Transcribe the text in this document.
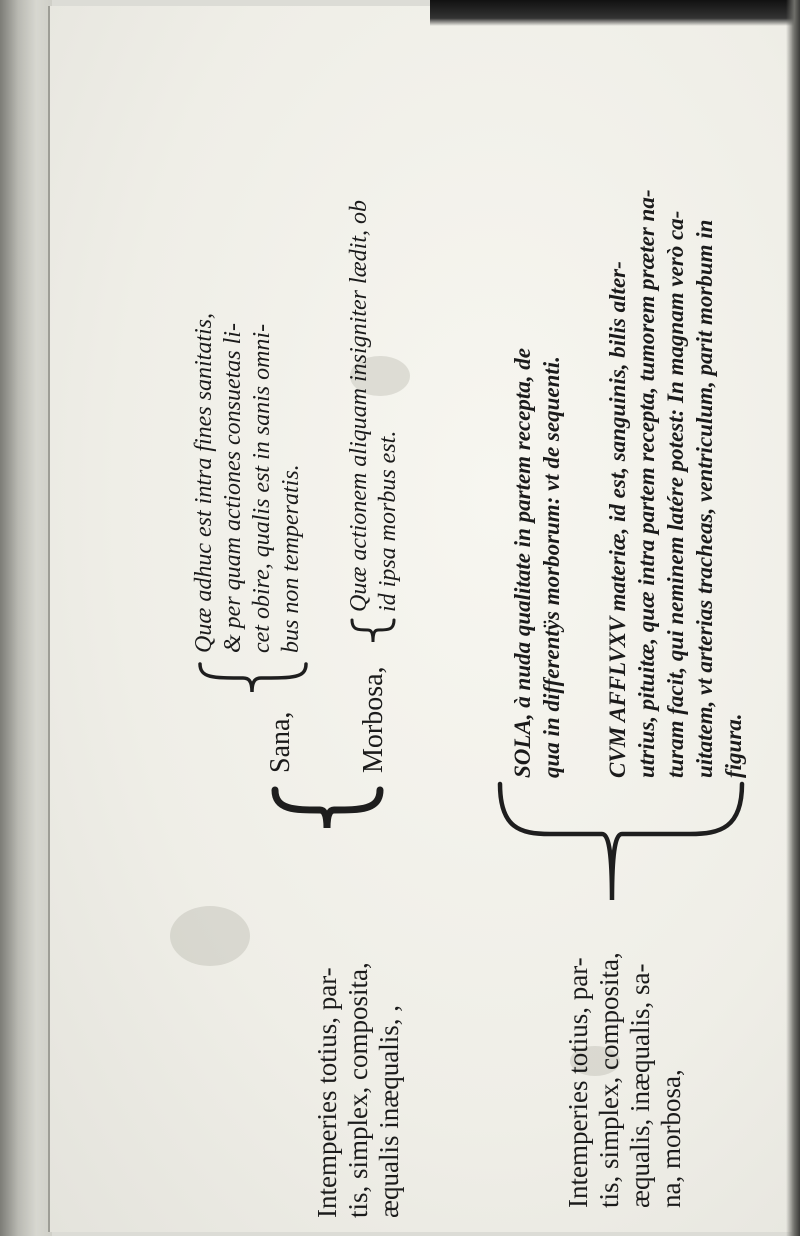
Intemperies totius, par- tis, simplex, composita, æqualis inæqualis, ,
Sana,
Quæ adhuc est intra fines sanitatis, & per quam actiones consuetas li- cet obire, qualis est in sanis omni- bus non temperatis.
Morbosa,
Quæ actionem aliquam insigniter lædit, ob id ipsa morbus est.
Intemperies totius, par- tis, simplex, composita, æqualis, inæqualis, sa- na, morbosa,
SOLA, à nuda qualitate in partem recepta, de qua in differentÿs morborum: vt de sequenti. CVM AFFLVXV materiæ, id est, sanguinis, bilis alter- utrius, pituitæ, quæ intra partem recepta, tumorem præter na- turam facit, qui neminem latére potest: In magnam verò ca- uitatem, vt arterias tracheas, ventriculum, parit morbum in figura.
